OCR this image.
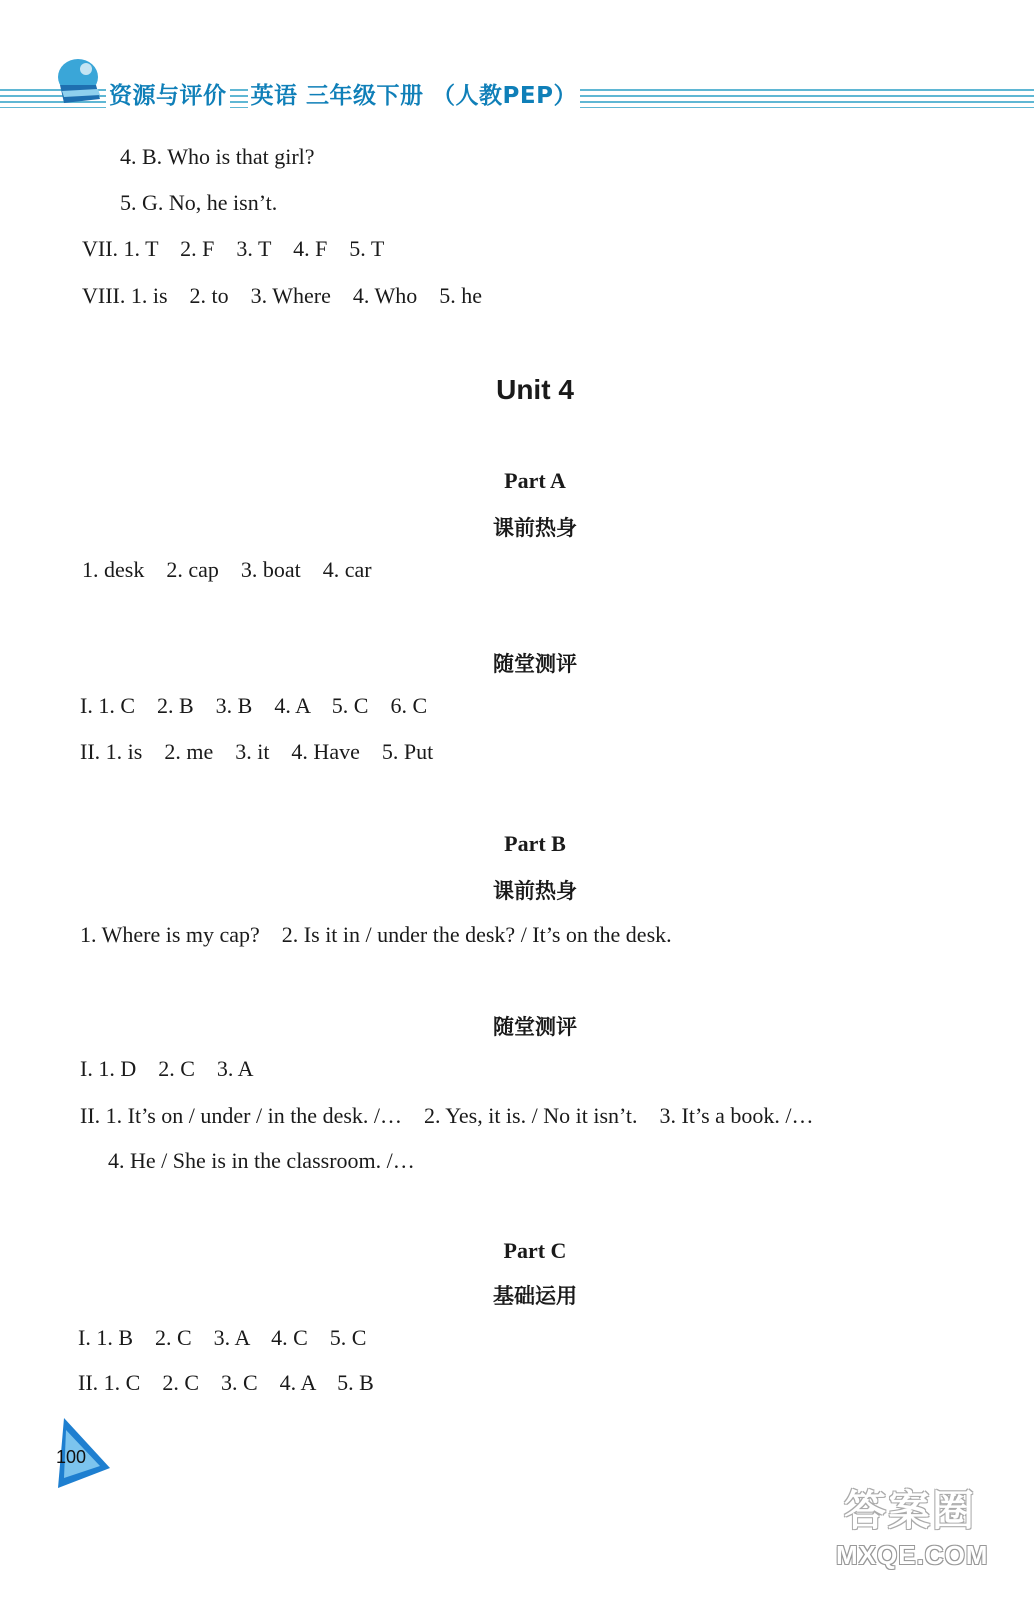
资源与评价 英语 三年级下册 （人教PEP）
4. B. Who is that girl?
5. G. No, he isn’t.
VII. 1. T    2. F    3. T    4. F    5. T
VIII. 1. is    2. to    3. Where    4. Who    5. he
Unit 4
Part A
课前热身
1. desk    2. cap    3. boat    4. car
随堂测评
I. 1. C    2. B    3. B    4. A    5. C    6. C
II. 1. is    2. me    3. it    4. Have    5. Put
Part B
课前热身
1. Where is my cap?    2. Is it in / under the desk? / It’s on the desk.
随堂测评
I. 1. D    2. C    3. A
II. 1. It’s on / under / in the desk. /…    2. Yes, it is. / No it isn’t.    3. It’s a book. /…
4. He / She is in the classroom. /…
Part C
基础运用
I. 1. B    2. C    3. A    4. C    5. C
II. 1. C    2. C    3. C    4. A    5. B
100
答案圈
MXQE.COM
